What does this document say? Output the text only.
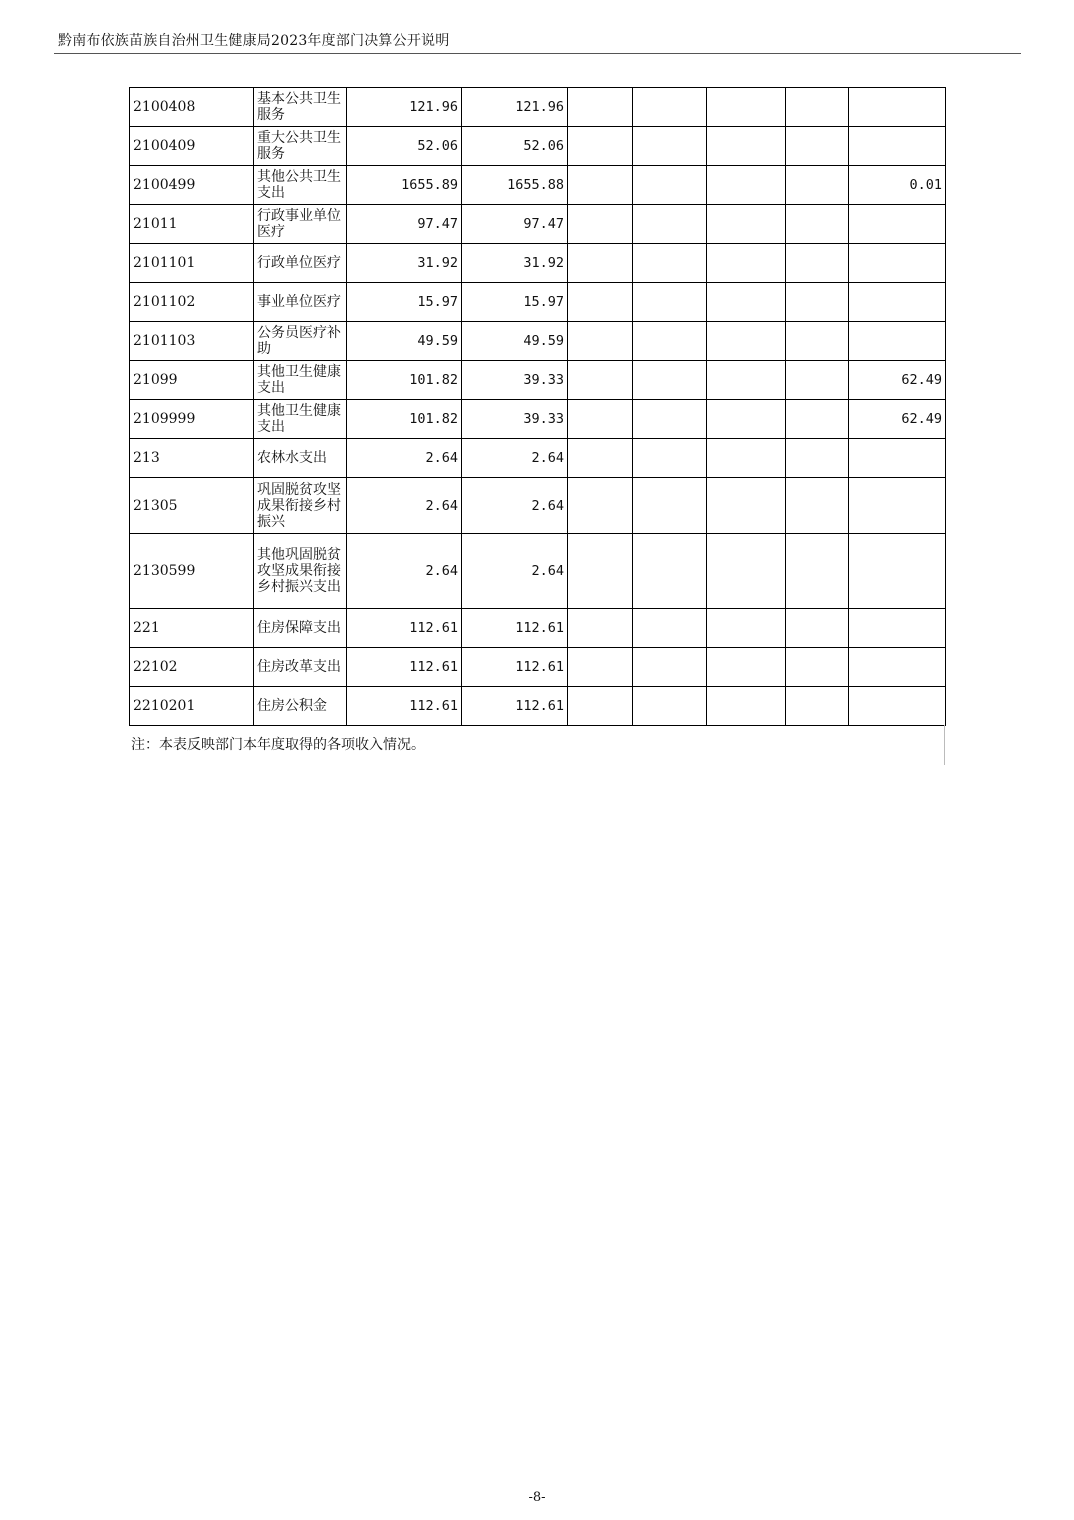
黔南布依族苗族自治州卫生健康局2023年度部门决算公开说明
2100408	基本公共卫生服务	121.96	121.96					
2100409	重大公共卫生服务	52.06	52.06					
2100499	其他公共卫生支出	1655.89	1655.88					0.01
21011	行政事业单位医疗	97.47	97.47					
2101101	行政单位医疗	31.92	31.92					
2101102	事业单位医疗	15.97	15.97					
2101103	公务员医疗补助	49.59	49.59					
21099	其他卫生健康支出	101.82	39.33					62.49
2109999	其他卫生健康支出	101.82	39.33					62.49
213	农林水支出	2.64	2.64					
21305	巩固脱贫攻坚成果衔接乡村振兴	2.64	2.64					
2130599	其他巩固脱贫攻坚成果衔接乡村振兴支出	2.64	2.64					
221	住房保障支出	112.61	112.61					
22102	住房改革支出	112.61	112.61					
2210201	住房公积金	112.61	112.61					
注：本表反映部门本年度取得的各项收入情况。
-8-
